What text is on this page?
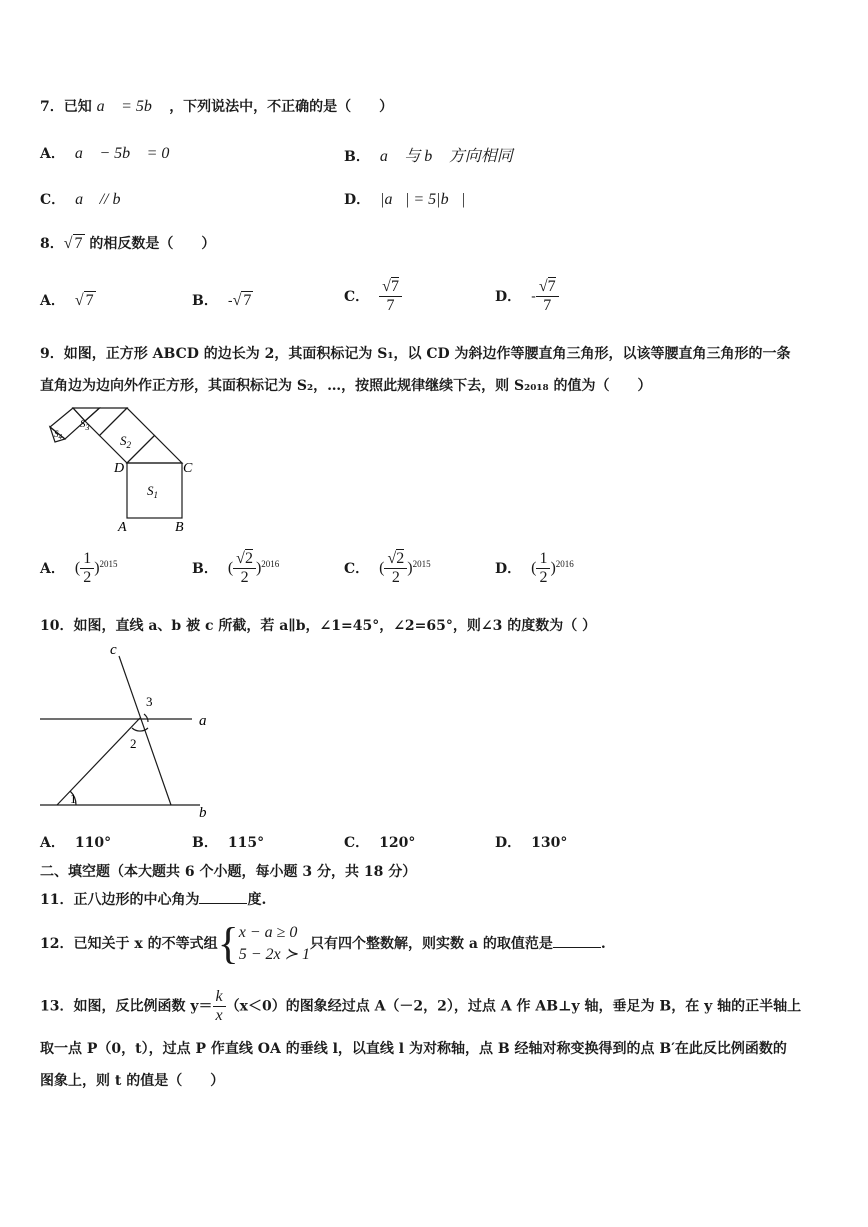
7．已知 a⃗ = 5b⃗ ，下列说法中，不正确的是（　　）
A． a⃗ − 5b⃗ = 0	B． a⃗ 与 b⃗ 方向相同
C． a⃗ // b⃗	D． |a⃗| = 5|b⃗|
8．√ 7 的相反数是（　　）
A． √ 7	B． -√ 7	C． $\frac{√7}{7}$	D． - $\frac{√7}{7}$
9．如图，正方形 ABCD 的边长为 2，其面积标记为 S₁，以 CD 为斜边作等腰直角三角形，以该等腰直角三角形的一条
直角边为边向外作正方形，其面积标记为 S₂，…，按照此规律继续下去，则 S₂₀₁₈ 的值为（　　）
$S_1$
$S_2$
$S_3$
$S_4$
D	C
A	B
A． ( $\frac{1}{2} )^{2015}$	B． ( $\frac{√2}{2} )^{2016}$	C． ( $\frac{√2}{2} )^{2015}$	D． ( $\frac{1}{2} )^{2016}$
10．如图，直线 a、b 被 c 所截，若 a∥b，∠1=45°，∠2=65°，则∠3 的度数为（ ）
c
a
b
1
2
3
A． 110°	B． 115°	C． 120°	D． 130°
二、填空题（本大题共 6 个小题，每小题 3 分，共 18 分）
11．正八边形的中心角为	度.
12．已知关于 x 的不等式组{ x − a ≥ 0
5 − 2x ≻ 1
只有四个整数解，则实数 a 的取值范是	.
13．如图，反比例函数 $y= \frac{k}{x} (x<0)$的图象经过点 A（－2，2），过点 A 作 AB⊥y 轴，垂足为 B，在 y 轴的正半轴上
取一点 P（0，t），过点 P 作直线 OA 的垂线 l，以直线 l 为对称轴，点 B 经轴对称变换得到的点 B′在此反比例函数的
图象上，则 t 的值是（　　）
